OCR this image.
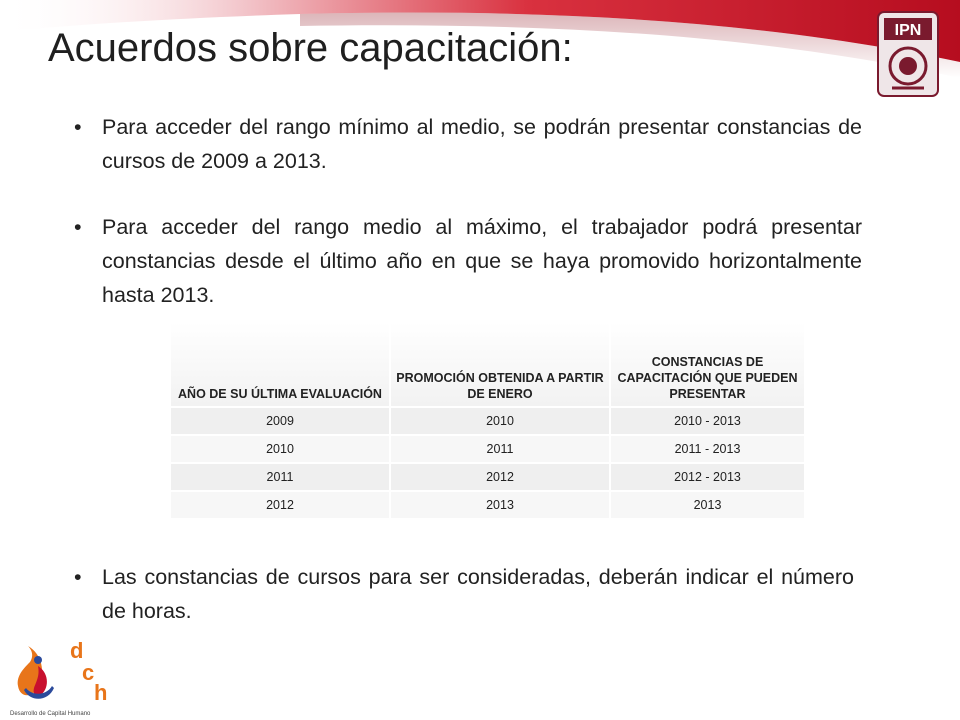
Acuerdos sobre capacitación:	IPN
• Para acceder del rango mínimo al medio, se podrán presentar constancias de cursos de 2009 a 2013.
• Para acceder del rango medio al máximo, el trabajador podrá presentar constancias desde el último año en que se haya promovido horizontalmente hasta 2013.
AÑO DE SU ÚLTIMA EVALUACIÓN	PROMOCIÓN OBTENIDA A PARTIR DE ENERO	CONSTANCIAS DE CAPACITACIÓN QUE PUEDEN PRESENTAR
2009	2010	2010 - 2013
2010	2011	2011 - 2013
2011	2012	2012 - 2013
2012	2013	2013
• Las constancias de cursos para ser consideradas, deberán indicar el número de horas.
d
c
h
Desarrollo de Capital Humano
